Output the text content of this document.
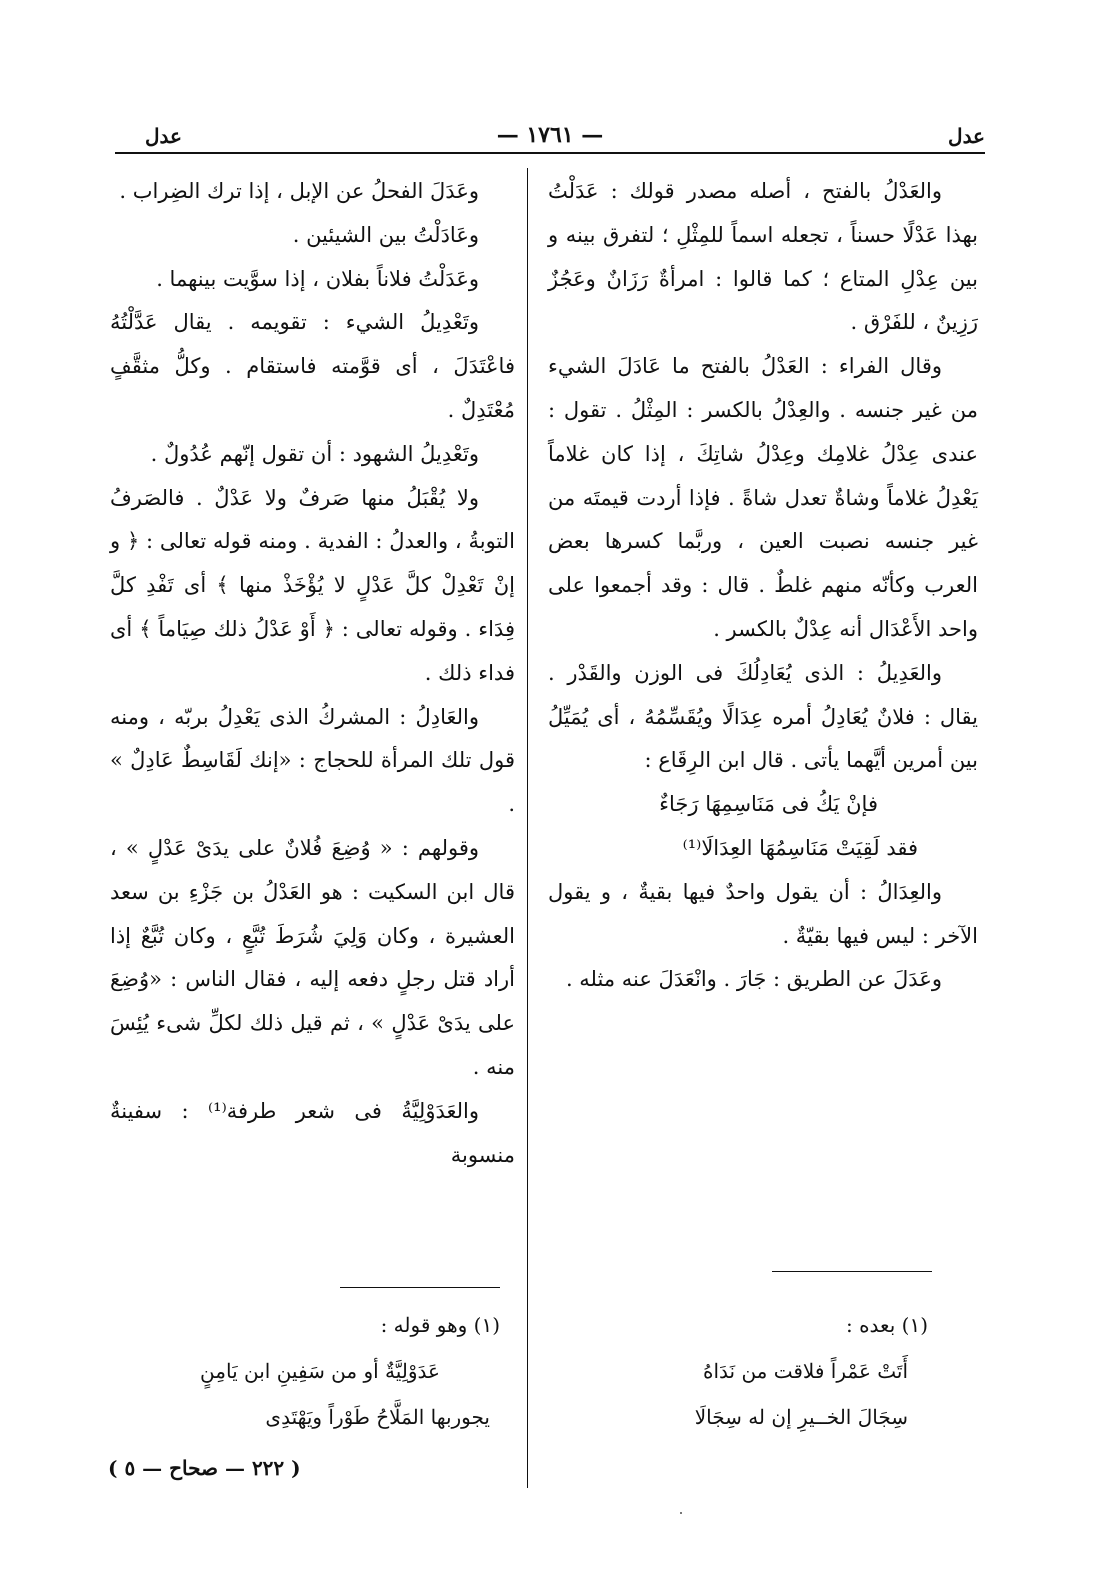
عدل
— ١٧٦١ —
عدل

والعَدْلُ بالفتح ، أصله مصدر قولك : عَدَلْتُ بهذا عَدْلًا حسناً ، تجعله اسماً للمِثْلِ ؛ لتفرق بينه و بين عِدْلِ المتاع ؛ كما قالوا : امرأةٌ رَزَانٌ وعَجُزٌ رَزِينٌ ، للفَرْق .

وقال الفراء : العَدْلُ بالفتح ما عَادَلَ الشيء من غير جنسه . والعِدْلُ بالكسر : المِثْلُ . تقول : عندى عِدْلُ غلامِك وعِدْلُ شاتِكَ ، إذا كان غلاماً يَعْدِلُ غلاماً وشاةٌ تعدل شاةً . فإذا أردت قيمتَه من غير جنسه نصبت العين ، وربَّما كسرها بعض العرب وكأنّه منهم غلطٌ . قال : وقد أجمعوا على واحد الأَعْدَال أنه عِدْلٌ بالكسر .

والعَدِيلُ : الذى يُعَادِلُكَ فى الوزن والقَدْر . يقال : فلانٌ يُعَادِلُ أمره عِدَالًا ويُقَسِّمُهُ ، أى يُمَيِّلُ بين أمرين أيَّهما يأتى . قال ابن الرِقَاع :

فإنْ يَكُ فى مَنَاسِمِهَا رَجَاءٌ

فقد لَقِيَتْ مَنَاسِمُهَا العِدَالَا⁽¹⁾

والعِدَالُ : أن يقول واحدٌ فيها بقيةٌ ، و يقول الآخر : ليس فيها بقيّةٌ .

وعَدَلَ عن الطريق : جَارَ . وانْعَدَلَ عنه مثله .

وعَدَلَ الفحلُ عن الإبل ، إذا ترك الضِراب .

وعَادَلْتُ بين الشيئين .

وعَدَلْتُ فلاناً بفلان ، إذا سوَّيت بينهما .

وتَعْدِيلُ الشيء : تقويمه . يقال عَدَّلْتُهُ فاعْتَدَلَ ، أى قوَّمته فاستقام . وكلُّ مثقَّفٍ مُعْتَدِلٌ .

وتَعْدِيلُ الشهود : أن تقول إنّهم عُدُولٌ .

ولا يُقْبَلُ منها صَرفٌ ولا عَدْلٌ . فالصَرفُ التوبةُ ، والعدلُ : الفدية . ومنه قوله تعالى : ﴿ و إنْ تَعْدِلْ كلَّ عَدْلٍ لا يُؤْخَذْ منها ﴾ أى تَفْدِ كلَّ فِدَاء . وقوله تعالى : ﴿ أَوْ عَدْلُ ذلك صِيَاماً ﴾ أى فداء ذلك .

والعَادِلُ : المشركُ الذى يَعْدِلُ بربّه ، ومنه قول تلك المرأة للحجاج : «إنك لَقَاسِطٌ عَادِلٌ » .

وقولهم : « وُضِعَ فُلانٌ على يدَىْ عَدْلٍ » ، قال ابن السكيت : هو العَدْلُ بن جَزْءِ بن سعد العشيرة ، وكان وَلِيَ شُرَطَ تُبَّعٍ ، وكان تُبَّعٌ إذا أراد قتل رجلٍ دفعه إليه ، فقال الناس : «وُضِعَ على يدَىْ عَدْلٍ » ، ثم قيل ذلك لكلِّ شىء يُئِسَ منه .

والعَدَوْلِيَّةُ فى شعر طرفة⁽¹⁾ : سفينةٌ منسوبة

(١) بعده :
أَتَتْ عَمْراً فلاقت من نَدَاهُ
سِجَالَ الخــيرِ إن له سِجَالَا
(١) وهو قوله :
عَدَوْلِيَّةٌ أو من سَفِينِ ابن يَامِنٍ
يجوربها المَلَّاحُ طَوْراً ويَهْتَدِى
( ٢٢٢ — صحاح — ٥ )
